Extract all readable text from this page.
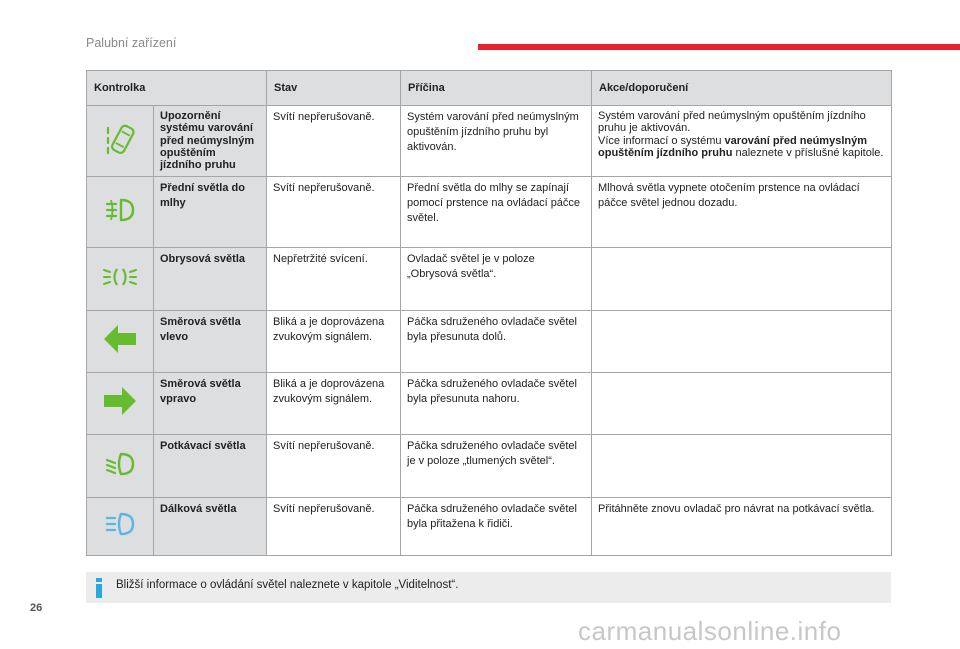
Palubní zařízení
Kontrolka		Stav	Příčina	Akce/doporučení
	Upozornění systému varování před neúmyslným opuštěním jízdního pruhu	Svítí nepřerušovaně.	Systém varování před neúmyslným opuštěním jízdního pruhu byl aktivován.	Systém varování před neúmyslným opuštěním jízdního pruhu je aktivován.
Více informací o systému varování před neúmyslným opuštěním jízdního pruhu naleznete v příslušné kapitole.
	Přední světla do mlhy	Svítí nepřerušovaně.	Přední světla do mlhy se zapínají pomocí prstence na ovládací páčce světel.	Mlhová světla vypnete otočením prstence na ovládací páčce světel jednou dozadu.
	Obrysová světla	Nepřetržité svícení.	Ovladač světel je v poloze „Obrysová světla“.	
	Směrová světla vlevo	Bliká a je doprovázena zvukovým signálem.	Páčka sdruženého ovladače světel byla přesunuta dolů.	
	Směrová světla vpravo	Bliká a je doprovázena zvukovým signálem.	Páčka sdruženého ovladače světel byla přesunuta nahoru.	
	Potkávací světla	Svítí nepřerušovaně.	Páčka sdruženého ovladače světel je v poloze „tlumených světel“.	
	Dálková světla	Svítí nepřerušovaně.	Páčka sdruženého ovladače světel byla přitažena k řidiči.	Přitáhněte znovu ovladač pro návrat na potkávací světla.
Bližší informace o ovládání světel naleznete v kapitole „Viditelnost“.
26
carmanualsonline.info
